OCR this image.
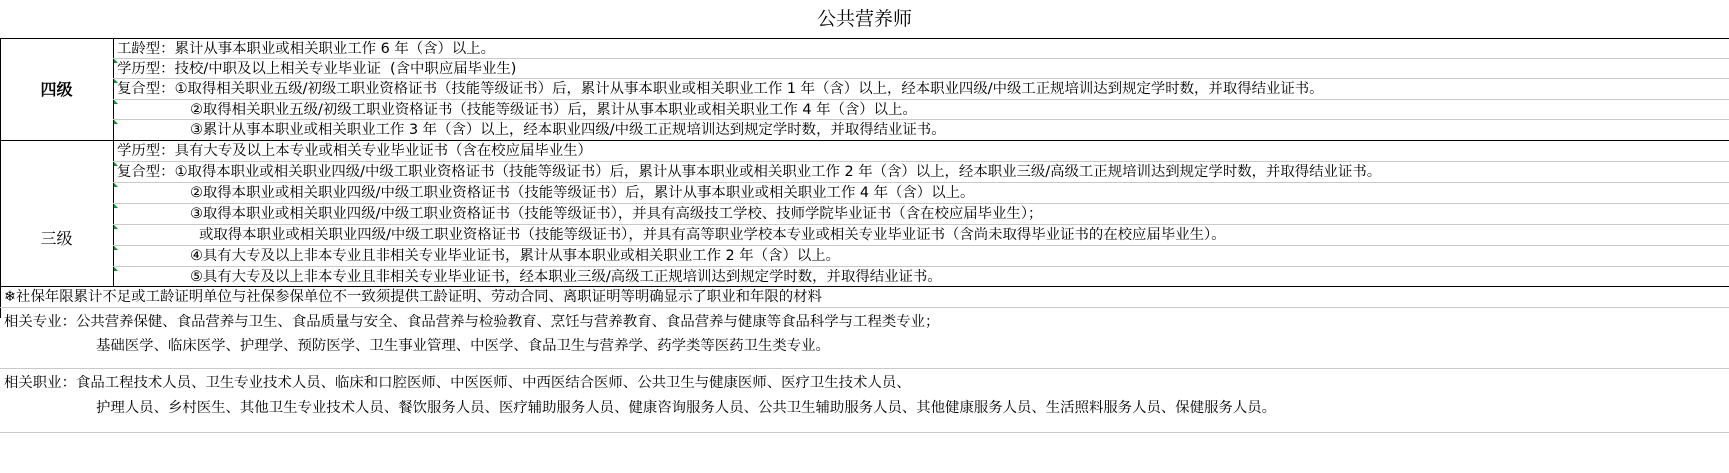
公共营养师
四级
工龄型：累计从事本职业或相关职业工作 6 年（含）以上。
学历型：技校/中职及以上相关专业毕业证  (含中职应届毕业生)
复合型：①取得相关职业五级/初级工职业资格证书（技能等级证书）后，累计从事本职业或相关职业工作 1 年（含）以上，经本职业四级/中级工正规培训达到规定学时数，并取得结业证书。
②取得相关职业五级/初级工职业资格证书（技能等级证书）后，累计从事本职业或相关职业工作 4 年（含）以上。
③累计从事本职业或相关职业工作 3 年（含）以上，经本职业四级/中级工正规培训达到规定学时数，并取得结业证书。
三级
学历型：具有大专及以上本专业或相关专业毕业证书（含在校应届毕业生）
复合型：①取得本职业或相关职业四级/中级工职业资格证书（技能等级证书）后，累计从事本职业或相关职业工作 2 年（含）以上，经本职业三级/高级工正规培训达到规定学时数，并取得结业证书。
②取得本职业或相关职业四级/中级工职业资格证书（技能等级证书）后，累计从事本职业或相关职业工作 4 年（含）以上。
③取得本职业或相关职业四级/中级工职业资格证书（技能等级证书），并具有高级技工学校、技师学院毕业证书（含在校应届毕业生）；
或取得本职业或相关职业四级/中级工职业资格证书（技能等级证书），并具有高等职业学校本专业或相关专业毕业证书（含尚未取得毕业证书的在校应届毕业生）。
④具有大专及以上非本专业且非相关专业毕业证书，累计从事本职业或相关职业工作 2 年（含）以上。
⑤具有大专及以上非本专业且非相关专业毕业证书，经本职业三级/高级工正规培训达到规定学时数，并取得结业证书。
❄社保年限累计不足或工龄证明单位与社保参保单位不一致须提供工龄证明、劳动合同、离职证明等明确显示了职业和年限的材料
相关专业：公共营养保健、食品营养与卫生、食品质量与安全、食品营养与检验教育、烹饪与营养教育、食品营养与健康等食品科学与工程类专业；
基础医学、临床医学、护理学、预防医学、卫生事业管理、中医学、食品卫生与营养学、药学类等医药卫生类专业。
相关职业：食品工程技术人员、卫生专业技术人员、临床和口腔医师、中医医师、中西医结合医师、公共卫生与健康医师、医疗卫生技术人员、
护理人员、乡村医生、其他卫生专业技术人员、餐饮服务人员、医疗辅助服务人员、健康咨询服务人员、公共卫生辅助服务人员、其他健康服务人员、生活照料服务人员、保健服务人员。
